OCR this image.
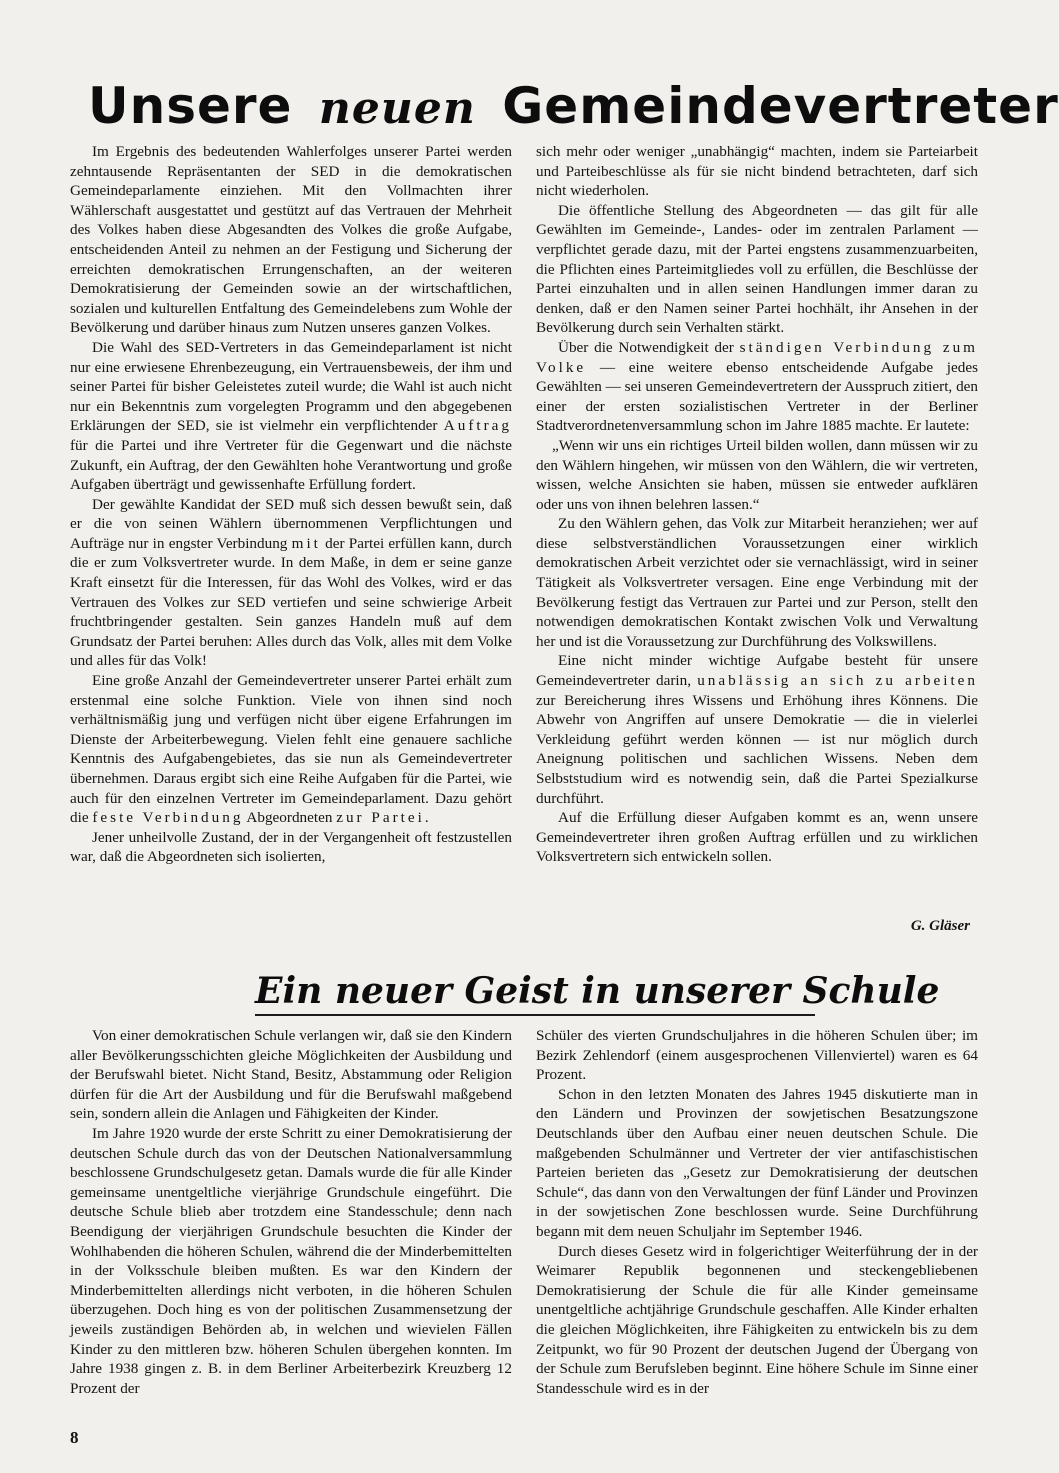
Unsere neuen Gemeindevertreter

Im Ergebnis des bedeutenden Wahlerfolges unserer Partei werden zehntausende Repräsentanten der SED in die demokratischen Gemeindeparlamente einziehen. Mit den Vollmachten ihrer Wählerschaft ausgestattet und gestützt auf das Vertrauen der Mehrheit des Volkes haben diese Abgesandten des Volkes die große Aufgabe, entscheidenden Anteil zu nehmen an der Festigung und Sicherung der erreichten demokratischen Errungenschaften, an der weiteren Demokratisierung der Gemeinden sowie an der wirtschaftlichen, sozialen und kulturellen Entfaltung des Gemeindelebens zum Wohle der Bevölkerung und darüber hinaus zum Nutzen unseres ganzen Volkes.

Die Wahl des SED-Vertreters in das Gemeindeparlament ist nicht nur eine erwiesene Ehrenbezeugung, ein Vertrauensbeweis, der ihm und seiner Partei für bisher Geleistetes zuteil wurde; die Wahl ist auch nicht nur ein Bekenntnis zum vorgelegten Programm und den abgegebenen Erklärungen der SED, sie ist vielmehr ein verpflichtender Auftrag für die Partei und ihre Vertreter für die Gegenwart und die nächste Zukunft, ein Auftrag, der den Gewählten hohe Verantwortung und große Aufgaben überträgt und gewissenhafte Erfüllung fordert.

Der gewählte Kandidat der SED muß sich dessen bewußt sein, daß er die von seinen Wählern übernommenen Verpflichtungen und Aufträge nur in engster Verbindung mit der Partei erfüllen kann, durch die er zum Volksvertreter wurde. In dem Maße, in dem er seine ganze Kraft einsetzt für die Interessen, für das Wohl des Volkes, wird er das Vertrauen des Volkes zur SED vertiefen und seine schwierige Arbeit fruchtbringender gestalten. Sein ganzes Handeln muß auf dem Grundsatz der Partei beruhen: Alles durch das Volk, alles mit dem Volke und alles für das Volk!

Eine große Anzahl der Gemeindevertreter unserer Partei erhält zum erstenmal eine solche Funktion. Viele von ihnen sind noch verhältnismäßig jung und verfügen nicht über eigene Erfahrungen im Dienste der Arbeiterbewegung. Vielen fehlt eine genauere sachliche Kenntnis des Aufgabengebietes, das sie nun als Gemeindevertreter übernehmen. Daraus ergibt sich eine Reihe Aufgaben für die Partei, wie auch für den einzelnen Vertreter im Gemeindeparlament. Dazu gehört die feste Verbindung Abgeordneten zur Partei.

Jener unheilvolle Zustand, der in der Vergangenheit oft festzustellen war, daß die Abgeordneten sich isolierten,

sich mehr oder weniger „unabhängig“ machten, indem sie Parteiarbeit und Parteibeschlüsse als für sie nicht bindend betrachteten, darf sich nicht wiederholen.

Die öffentliche Stellung des Abgeordneten — das gilt für alle Gewählten im Gemeinde-, Landes- oder im zentralen Parlament — verpflichtet gerade dazu, mit der Partei engstens zusammenzuarbeiten, die Pflichten eines Parteimitgliedes voll zu erfüllen, die Beschlüsse der Partei einzuhalten und in allen seinen Handlungen immer daran zu denken, daß er den Namen seiner Partei hochhält, ihr Ansehen in der Bevölkerung durch sein Verhalten stärkt.

Über die Notwendigkeit der ständigen Verbindung zum Volke — eine weitere ebenso entscheidende Aufgabe jedes Gewählten — sei unseren Gemeindevertretern der Ausspruch zitiert, den einer der ersten sozialistischen Vertreter in der Berliner Stadtverordnetenversammlung schon im Jahre 1885 machte. Er lautete:

„Wenn wir uns ein richtiges Urteil bilden wollen, dann müssen wir zu den Wählern hingehen, wir müssen von den Wählern, die wir vertreten, wissen, welche Ansichten sie haben, müssen sie entweder aufklären oder uns von ihnen belehren lassen.“

Zu den Wählern gehen, das Volk zur Mitarbeit heranziehen; wer auf diese selbstverständlichen Voraussetzungen einer wirklich demokratischen Arbeit verzichtet oder sie vernachlässigt, wird in seiner Tätigkeit als Volksvertreter versagen. Eine enge Verbindung mit der Bevölkerung festigt das Vertrauen zur Partei und zur Person, stellt den notwendigen demokratischen Kontakt zwischen Volk und Verwaltung her und ist die Voraussetzung zur Durchführung des Volkswillens.

Eine nicht minder wichtige Aufgabe besteht für unsere Gemeindevertreter darin, unablässig an sich zu arbeiten zur Bereicherung ihres Wissens und Erhöhung ihres Könnens. Die Abwehr von Angriffen auf unsere Demokratie — die in vielerlei Verkleidung geführt werden können — ist nur möglich durch Aneignung politischen und sachlichen Wissens. Neben dem Selbststudium wird es notwendig sein, daß die Partei Spezialkurse durchführt.

Auf die Erfüllung dieser Aufgaben kommt es an, wenn unsere Gemeindevertreter ihren großen Auftrag erfüllen und zu wirklichen Volksvertretern sich entwickeln sollen.

G. Gläser
Ein neuer Geist in unserer Schule

Von einer demokratischen Schule verlangen wir, daß sie den Kindern aller Bevölkerungsschichten gleiche Möglichkeiten der Ausbildung und der Berufswahl bietet. Nicht Stand, Besitz, Abstammung oder Religion dürfen für die Art der Ausbildung und für die Berufswahl maßgebend sein, sondern allein die Anlagen und Fähigkeiten der Kinder.

Im Jahre 1920 wurde der erste Schritt zu einer Demokratisierung der deutschen Schule durch das von der Deutschen Nationalversammlung beschlossene Grundschulgesetz getan. Damals wurde die für alle Kinder gemeinsame unentgeltliche vierjährige Grundschule eingeführt. Die deutsche Schule blieb aber trotzdem eine Standesschule; denn nach Beendigung der vierjährigen Grundschule besuchten die Kinder der Wohlhabenden die höheren Schulen, während die der Minderbemittelten in der Volksschule bleiben mußten. Es war den Kindern der Minderbemittelten allerdings nicht verboten, in die höheren Schulen überzugehen. Doch hing es von der politischen Zusammensetzung der jeweils zuständigen Behörden ab, in welchen und wievielen Fällen Kinder zu den mittleren bzw. höheren Schulen übergehen konnten. Im Jahre 1938 gingen z. B. in dem Berliner Arbeiterbezirk Kreuzberg 12 Prozent der

Schüler des vierten Grundschuljahres in die höheren Schulen über; im Bezirk Zehlendorf (einem ausgesprochenen Villenviertel) waren es 64 Prozent.

Schon in den letzten Monaten des Jahres 1945 diskutierte man in den Ländern und Provinzen der sowjetischen Besatzungszone Deutschlands über den Aufbau einer neuen deutschen Schule. Die maßgebenden Schulmänner und Vertreter der vier antifaschistischen Parteien berieten das „Gesetz zur Demokratisierung der deutschen Schule“, das dann von den Verwaltungen der fünf Länder und Provinzen in der sowjetischen Zone beschlossen wurde. Seine Durchführung begann mit dem neuen Schuljahr im September 1946.

Durch dieses Gesetz wird in folgerichtiger Weiterführung der in der Weimarer Republik begonnenen und steckengebliebenen Demokratisierung der Schule die für alle Kinder gemeinsame unentgeltliche achtjährige Grundschule geschaffen. Alle Kinder erhalten die gleichen Möglichkeiten, ihre Fähigkeiten zu entwickeln bis zu dem Zeitpunkt, wo für 90 Prozent der deutschen Jugend der Übergang von der Schule zum Berufsleben beginnt. Eine höhere Schule im Sinne einer Standesschule wird es in der

8
